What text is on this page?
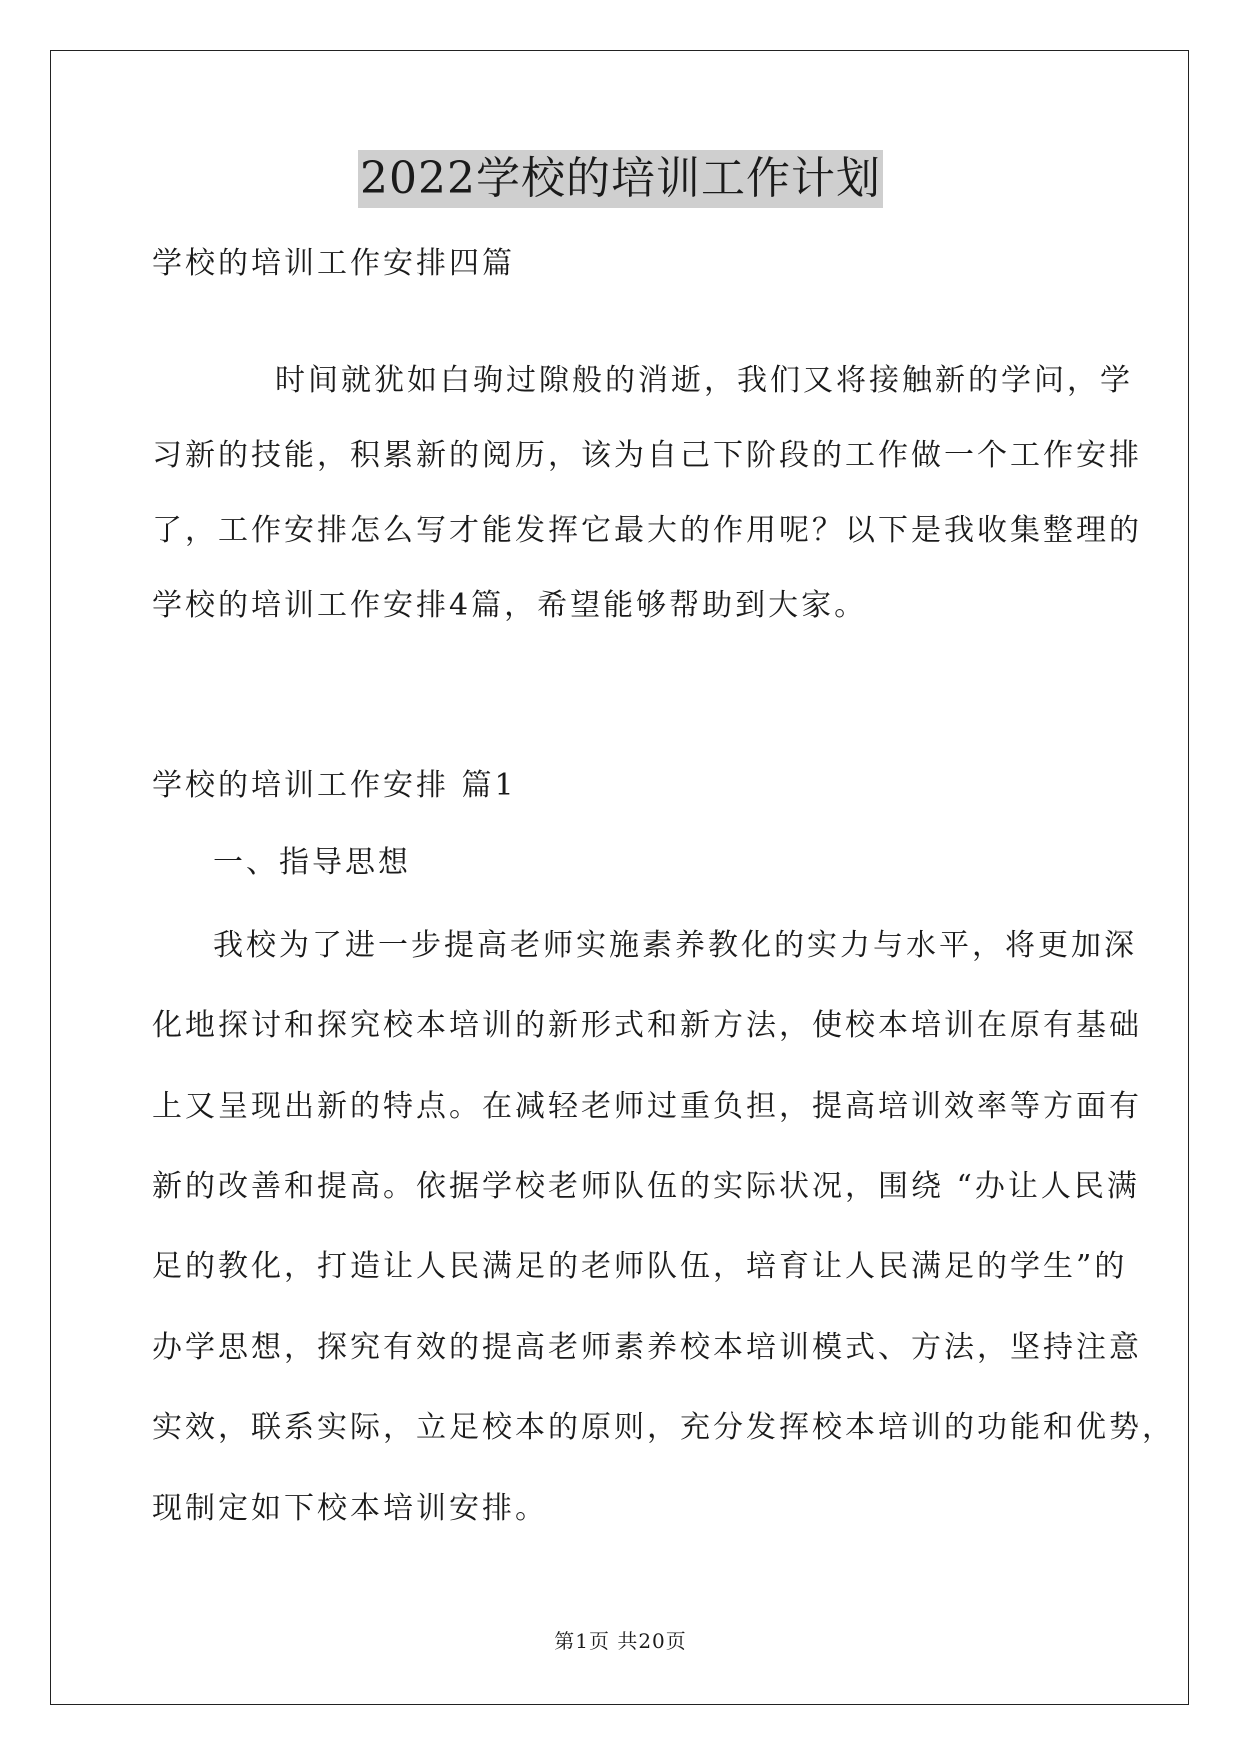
2022学校的培训工作计划
学校的培训工作安排四篇
时间就犹如白驹过隙般的消逝，我们又将接触新的学问，学
习新的技能，积累新的阅历，该为自己下阶段的工作做一个工作安排
了，工作安排怎么写才能发挥它最大的作用呢？以下是我收集整理的
学校的培训工作安排4篇，希望能够帮助到大家。
学校的培训工作安排 篇1
一、指导思想
我校为了进一步提高老师实施素养教化的实力与水平，将更加深
化地探讨和探究校本培训的新形式和新方法，使校本培训在原有基础
上又呈现出新的特点。在减轻老师过重负担，提高培训效率等方面有
新的改善和提高。依据学校老师队伍的实际状况，围绕 “办让人民满
足的教化，打造让人民满足的老师队伍，培育让人民满足的学生”的
办学思想，探究有效的提高老师素养校本培训模式、方法，坚持注意
实效，联系实际，立足校本的原则，充分发挥校本培训的功能和优势，
现制定如下校本培训安排。
第1页 共20页
